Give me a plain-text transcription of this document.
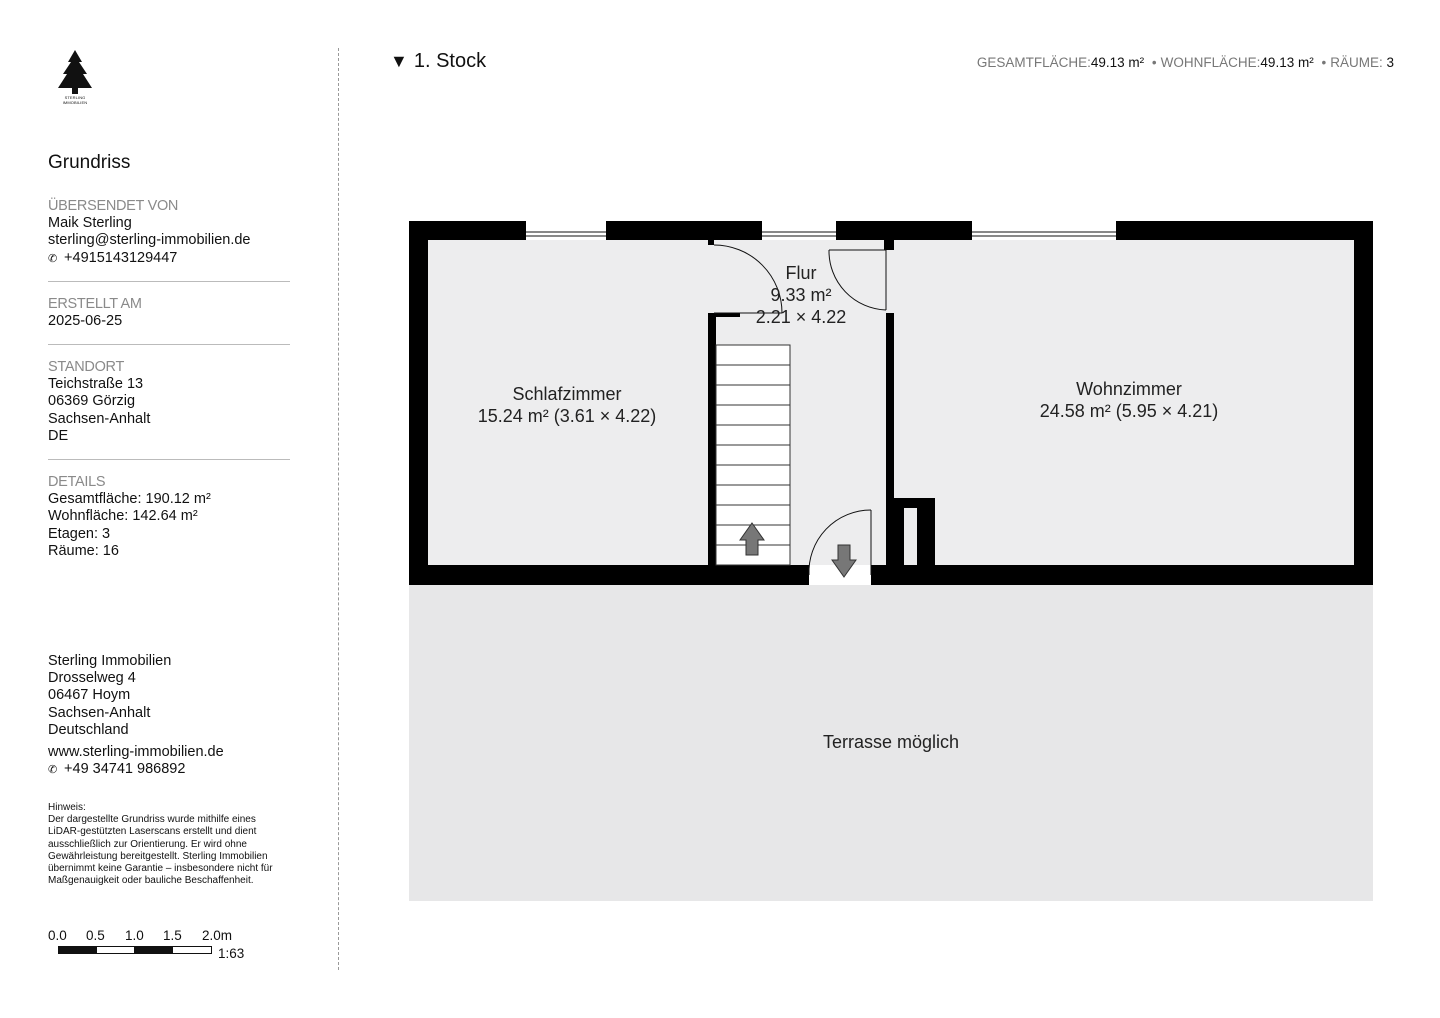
STERLING IMMOBILIEN
Grundriss
ÜBERSENDET VON
Maik Sterling
sterling@sterling-immobilien.de
✆ +4915143129447
ERSTELLT AM
2025-06-25
STANDORT
Teichstraße 13
06369 Görzig
Sachsen-Anhalt
DE
DETAILS
Gesamtfläche: 190.12 m²
Wohnfläche: 142.64 m²
Etagen: 3
Räume: 16
Sterling Immobilien
Drosselweg 4
06467 Hoym
Sachsen-Anhalt
Deutschland
www.sterling-immobilien.de
✆ +49 34741 986892
Hinweis:
Der dargestellte Grundriss wurde mithilfe eines LiDAR-gestützten Laserscans erstellt und dient ausschließlich zur Orientierung. Er wird ohne Gewährleistung bereitgestellt. Sterling Immobilien übernimmt keine Garantie – insbesondere nicht für Maßgenauigkeit oder bauliche Beschaffenheit.
0.0 0.5 1.0 1.5 2.0m
1:63
▼ 1. Stock	GESAMTFLÄCHE:49.13 m² • WOHNFLÄCHE:49.13 m² • RÄUME: 3
Schlafzimmer
15.24 m² (3.61 × 4.22)
Flur
9.33 m²
2.21 × 4.22
Wohnzimmer
24.58 m² (5.95 × 4.21)
Terrasse möglich
